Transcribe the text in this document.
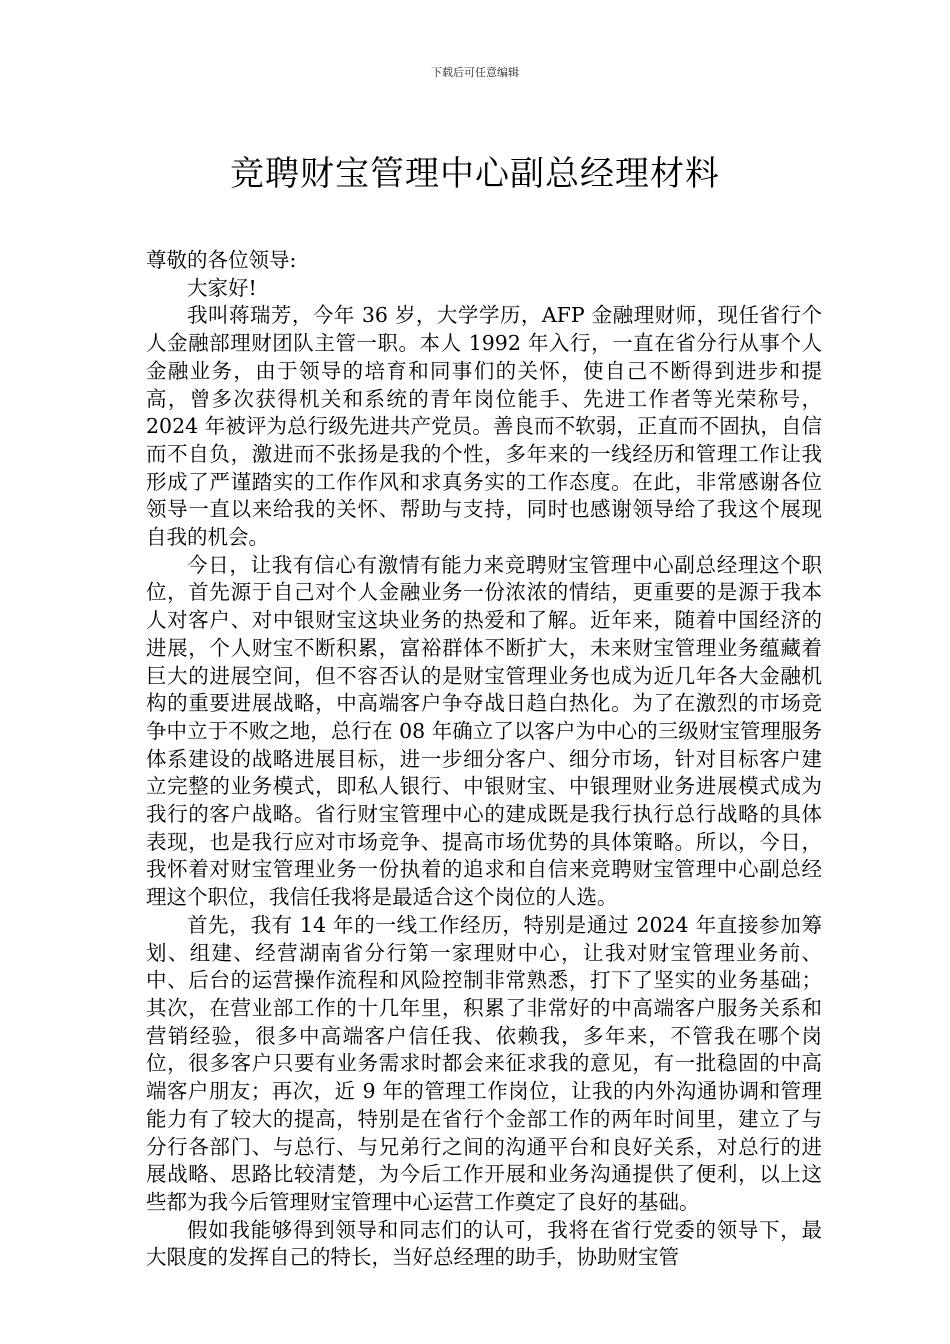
下载后可任意编辑
竞聘财宝管理中心副总经理材料

尊敬的各位领导:

大家好!

我叫蒋瑞芳，今年 36 岁，大学学历，AFP 金融理财师，现任省行个人金融部理财团队主管一职。本人 1992 年入行，一直在省分行从事个人金融业务，由于领导的培育和同事们的关怀，使自己不断得到进步和提高，曾多次获得机关和系统的青年岗位能手、先进工作者等光荣称号，2024 年被评为总行级先进共产党员。善良而不软弱，正直而不固执，自信而不自负，激进而不张扬是我的个性，多年来的一线经历和管理工作让我形成了严谨踏实的工作作风和求真务实的工作态度。在此，非常感谢各位领导一直以来给我的关怀、帮助与支持，同时也感谢领导给了我这个展现自我的机会。

今日，让我有信心有激情有能力来竞聘财宝管理中心副总经理这个职位，首先源于自己对个人金融业务一份浓浓的情结，更重要的是源于我本人对客户、对中银财宝这块业务的热爱和了解。近年来，随着中国经济的进展，个人财宝不断积累，富裕群体不断扩大，未来财宝管理业务蕴藏着巨大的进展空间，但不容否认的是财宝管理业务也成为近几年各大金融机构的重要进展战略，中高端客户争夺战日趋白热化。为了在激烈的市场竞争中立于不败之地，总行在 08 年确立了以客户为中心的三级财宝管理服务体系建设的战略进展目标，进一步细分客户、细分市场，针对目标客户建立完整的业务模式，即私人银行、中银财宝、中银理财业务进展模式成为我行的客户战略。省行财宝管理中心的建成既是我行执行总行战略的具体表现，也是我行应对市场竞争、提高市场优势的具体策略。所以，今日，我怀着对财宝管理业务一份执着的追求和自信来竞聘财宝管理中心副总经理这个职位，我信任我将是最适合这个岗位的人选。

首先，我有 14 年的一线工作经历，特别是通过 2024 年直接参加筹划、组建、经营湖南省分行第一家理财中心，让我对财宝管理业务前、中、后台的运营操作流程和风险控制非常熟悉，打下了坚实的业务基础；其次，在营业部工作的十几年里，积累了非常好的中高端客户服务关系和营销经验，很多中高端客户信任我、依赖我，多年来，不管我在哪个岗位，很多客户只要有业务需求时都会来征求我的意见，有一批稳固的中高端客户朋友；再次，近 9 年的管理工作岗位，让我的内外沟通协调和管理能力有了较大的提高，特别是在省行个金部工作的两年时间里，建立了与分行各部门、与总行、与兄弟行之间的沟通平台和良好关系，对总行的进展战略、思路比较清楚，为今后工作开展和业务沟通提供了便利，以上这些都为我今后管理财宝管理中心运营工作奠定了良好的基础。

假如我能够得到领导和同志们的认可，我将在省行党委的领导下，最大限度的发挥自己的特长，当好总经理的助手，协助财宝管
